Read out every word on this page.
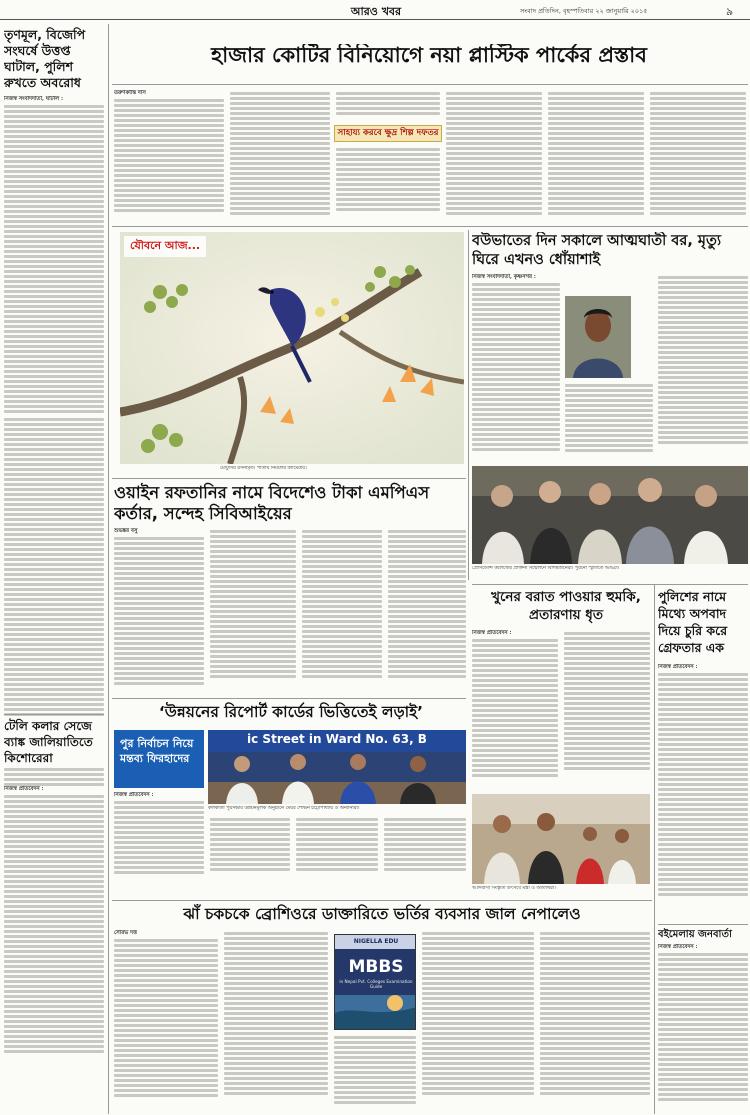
আরও খবর	সংবাদ প্রতিদিন, বৃহস্পতিবার ২২ জানুয়ারি ২০১৫	৯
তৃণমূল, বিজেপি সংঘর্ষে উত্তপ্ত ঘাটাল, পুলিশ রুখতে অবরোধ
নিজস্ব সংবাদদাতা, ঘাটাল :
টেলি কলার সেজে ব্যাঙ্ক জালিয়াতিতে কিশোরেরা
নিজস্ব প্রতিবেদন :
হাজার কোটির বিনিয়োগে নয়া প্লাস্টিক পার্কের প্রস্তাব
তরুণকান্তি দাস
সাহায্য করবে ক্ষুদ্র শিল্প দফতর
যৌবনে আজ...
মৌটুসির রসনামৃত। পাতায় নির্মলের ক্যামেরায়।
বউভাতের দিন সকালে আত্মঘাতী বর, মৃত্যু ঘিরে এখনও ধোঁয়াশাই
নিজস্ব সংবাদদাতা, কৃষ্ণনগর :
প্রেসিডেন্সি কলেজের প্রাক্তনী সম্মেলনে বিশিষ্টজনেরা। পুরনো স্মৃতিতে আড্ডা।
ওয়াইন রফতানির নামে বিদেশেও টাকা এমপিএস কর্তার, সন্দেহ সিবিআইয়ের
শুভঙ্কর বসু
‘উন্নয়নের রিপোর্ট কার্ডের ভিত্তিতেই লড়াই’
পুর নির্বাচন নিয়ে মন্তব্য ফিরহাদের
ic Street in Ward No. 63, B
কলকাতা পুরসভার উন্নয়নমূলক অনুষ্ঠানে মেয়র শোভন চট্টোপাধ্যায় ও অন্যান্যরা।
নিজস্ব প্রতিবেদন :
খুনের বরাত পাওয়ার হুমকি, প্রতারণায় ধৃত
নিজস্ব প্রতিবেদন :
পুলিশের নামে মিথ্যে অপবাদ দিয়ে চুরি করে গ্রেফতার এক
নিজস্ব প্রতিবেদন :
আদিবাসী সংস্কৃতি উৎসবে মন্ত্রী ও অতিথিরা।
ঝাঁ চকচকে ব্রোশিওরে ডাক্তারিতে ভর্তির ব্যবসার জাল নেপালেও
সৌরভ দত্ত
NIGELLA EDU
MBBS
in Nepal Pvt. Colleges Examination Guide
বইমেলায় জনবার্তা
নিজস্ব প্রতিবেদন :
